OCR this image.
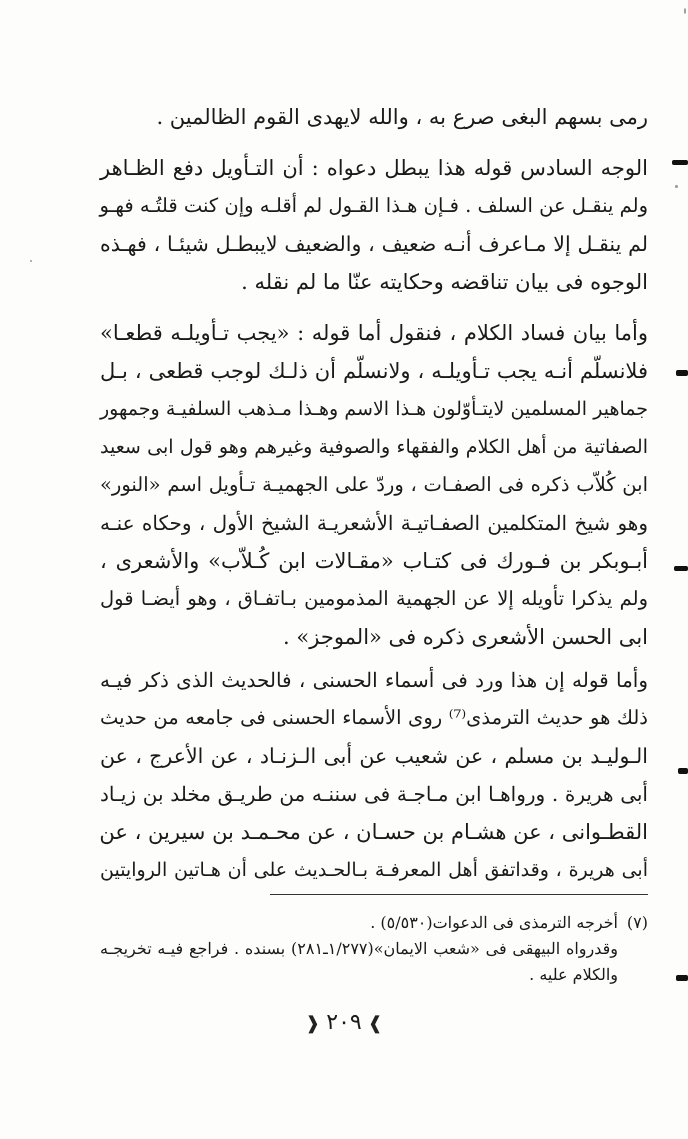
رمى بسهم البغى صرع به ، والله لايهدى القوم الظالمين .
الوجه السادس قوله هذا يبطل دعواه : أن التـأويل دفع الظـاهر
ولم ينقـل عن السلف . فـإن هـذا القـول لم أقلـه وإن كنت قلتُـه فهـو
لم ينقـل إلا مـاعرف أنـه ضعيف ، والضعيف لايبطـل شيئـا ، فهـذه
الوجوه فى بيان تناقضه وحكايته عنّا ما لم نقله .
وأما بيان فساد الكلام ، فنقول أما قوله : «يجب تـأويلـه قطعـا»
فلانسلّم أنـه يجب تـأويلـه ، ولانسلّم أن ذلـك لوجب قطعى ، بـل
جماهير المسلمين لايتـأوّلون هـذا الاسم وهـذا مـذهب السلفيـة وجمهور
الصفاتية من أهل الكلام والفقهاء والصوفية وغيرهم وهو قول ابى سعيد
ابن كُلاّب ذكره فى الصفـات ، وردّ على الجهميـة تـأويل اسم «النور»
وهو شيخ المتكلمين الصفـاتيـة الأشعريـة الشيخ الأول ، وحكاه عنـه
أبـوبكر بن فـورك فى كتـاب «مقـالات ابن كُـلاّب» والأشعرى ،
ولم يذكرا تأويله إلا عن الجهمية المذمومين بـاتفـاق ، وهو أيضـا قول
ابى الحسن الأشعرى ذكره فى «الموجز» .
وأما قوله إن هذا ورد فى أسماء الحسنى ، فالحديث الذى ذكر فيـه
ذلك هو حديث الترمذى⁽⁷⁾ روى الأسماء الحسنى فى جامعه من حديث
الـوليـد بن مسلم ، عن شعيب عن أبى الـزنـاد ، عن الأعرج ، عن
أبى هريرة . ورواهـا ابن مـاجـة فى سننـه من طريـق مخلد بن زيـاد
القطـوانى ، عن هشـام بن حسـان ، عن محـمـد بن سيرين ، عن
أبى هريرة ، وقداتفق أهل المعرفـة بـالحـديث على أن هـاتين الروايتين
(٧)أخرجه الترمذى فى الدعوات(٥/٥٣٠) .
وقدرواه البيهقى فى «شعب الايمان»(١/٢٧٧ـ٢٨١) بسنده . فراجع فيـه تخريجـه
والكلام عليه .
❱٢٠٩❰
